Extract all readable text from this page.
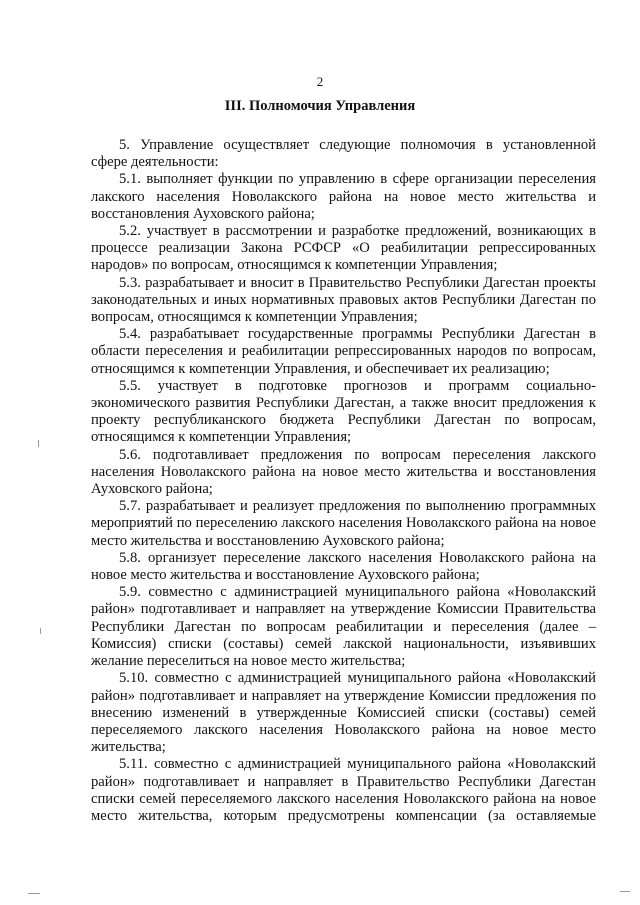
2
III. Полномочия Управления

5. Управление осуществляет следующие полномочия в установленной сфере деятельности:

5.1. выполняет функции по управлению в сфере организации переселения лакского населения Новолакского района на новое место жительства и восстановления Ауховского района;

5.2. участвует в рассмотрении и разработке предложений, возникающих в процессе реализации Закона РСФСР «О реабилитации репрессированных народов» по вопросам, относящимся к компетенции Управления;

5.3. разрабатывает и вносит в Правительство Республики Дагестан проекты законодательных и иных нормативных правовых актов Республики Дагестан по вопросам, относящимся к компетенции Управления;

5.4. разрабатывает государственные программы Республики Дагестан в области переселения и реабилитации репрессированных народов по вопросам, относящимся к компетенции Управления, и обеспечивает их реализацию;

5.5. участвует в подготовке прогнозов и программ социально-экономического развития Республики Дагестан, а также вносит предложения к проекту республиканского бюджета Республики Дагестан по вопросам, относящимся к компетенции Управления;

5.6. подготавливает предложения по вопросам переселения лакского населения Новолакского района на новое место жительства и восстановления Ауховского района;

5.7. разрабатывает и реализует предложения по выполнению программных мероприятий по переселению лакского населения Новолакского района на новое место жительства и восстановлению Ауховского района;

5.8. организует переселение лакского населения Новолакского района на новое место жительства и восстановление Ауховского района;

5.9. совместно с администрацией муниципального района «Новолакский район» подготавливает и направляет на утверждение Комиссии Правительства Республики Дагестан по вопросам реабилитации и переселения (далее – Комиссия) списки (составы) семей лакской национальности, изъявивших желание переселиться на новое место жительства;

5.10. совместно с администрацией муниципального района «Новолакский район» подготавливает и направляет на утверждение Комиссии предложения по внесению изменений в утвержденные Комиссией списки (составы) семей переселяемого лакского населения Новолакского района на новое место жительства;

5.11. совместно с администрацией муниципального района «Новолакский район» подготавливает и направляет в Правительство Республики Дагестан списки семей переселяемого лакского населения Новолакского района на новое место жительства, которым предусмотрены компенсации (за оставляемые
